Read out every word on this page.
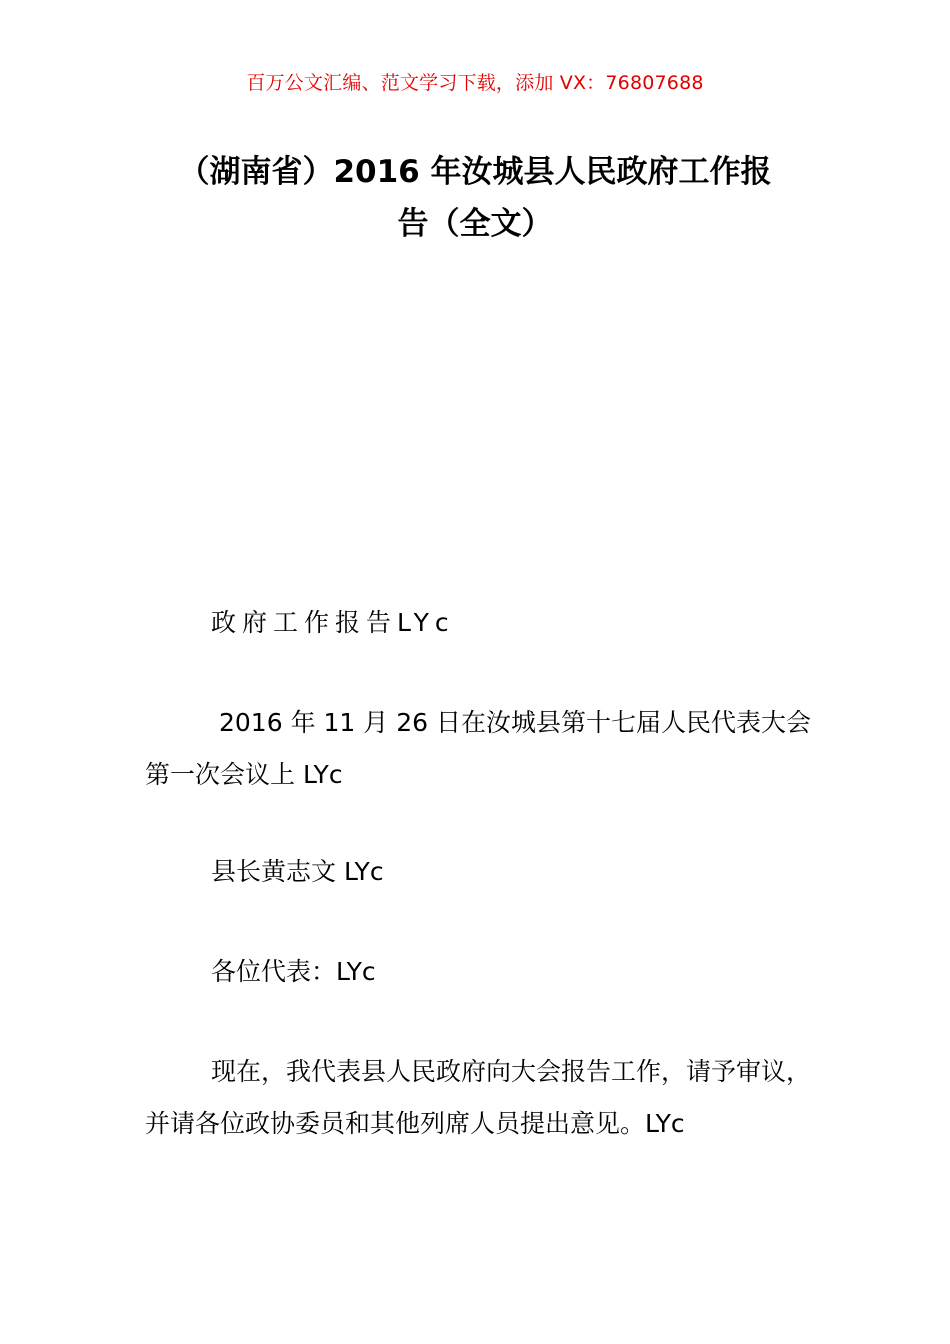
百万公文汇编、范文学习下载，添加 VX：76807688
（湖南省）2016 年汝城县人民政府工作报
告（全文）
政府工作报告LYc
2016 年 11 月 26 日在汝城县第十七届人民代表大会第一次会议上 LYc
县长黄志文 LYc
各位代表：LYc
现在，我代表县人民政府向大会报告工作，请予审议，并请各位政协委员和其他列席人员提出意见。LYc
